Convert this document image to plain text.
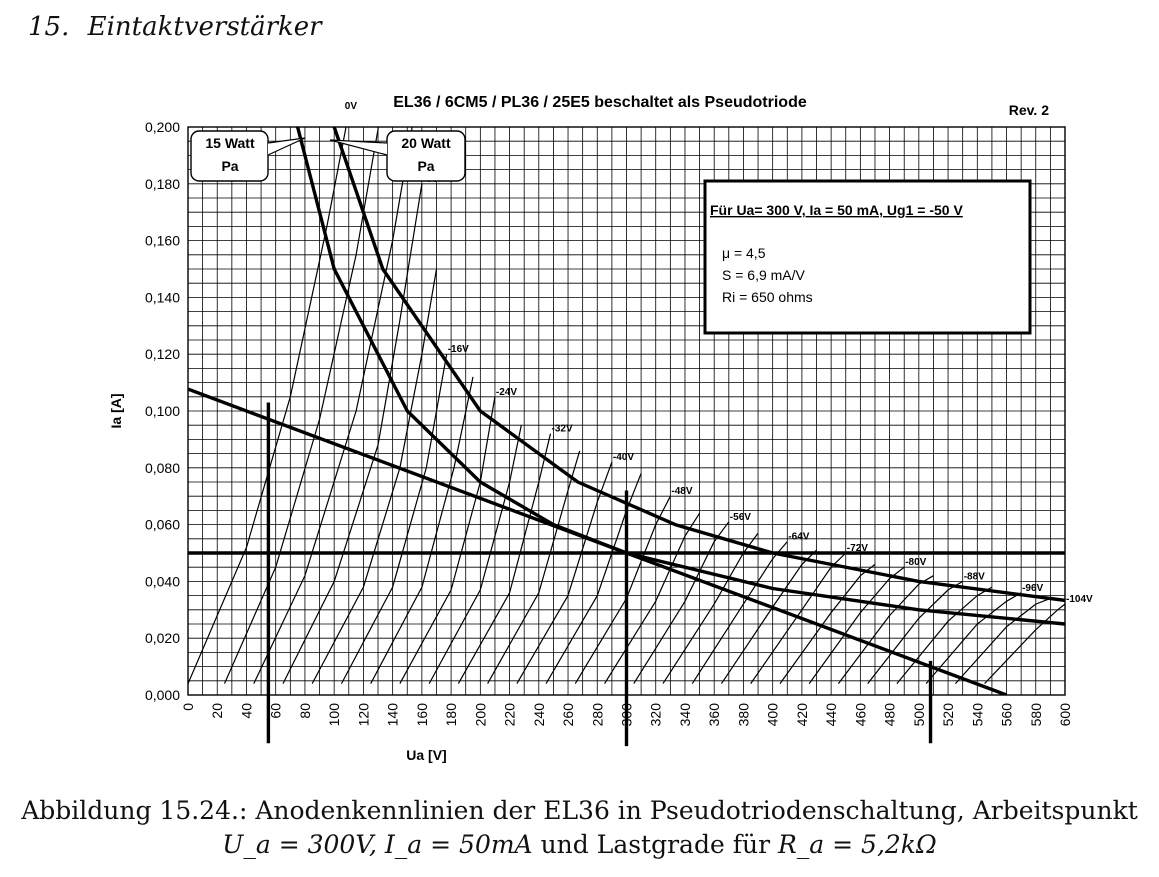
15. Eintaktverstärker
0V
-16V
-24V
-32V
-40V
-48V
-56V
-64V
-72V
-80V
-88V
-96V
-104V
0,000
0,020
0,040
0,060
0,080
0,100
0,120
0,140
0,160
0,180
0,200
0 20 40 60 80 100 120 140 160 180 200 220 240 260 280 300 320 340 360 380 400 420 440 460 480 500 520 540 560 580 600
Ua [V]
Ia [A]
EL36 / 6CM5 / PL36 / 25E5 beschaltet als Pseudotriode	Rev. 2
Für Ua= 300 V, Ia = 50 mA, Ug1 = -50 V
μ = 4,5
S = 6,9 mA/V
Ri = 650 ohms
15 Watt
Pa
20 Watt
Pa
Abbildung 15.24.: Anodenkennlinien der EL36 in Pseudotriodenschaltung, Arbeitspunkt
U_a = 300V, I_a = 50mA und Lastgrade für R_a = 5,2kΩ
